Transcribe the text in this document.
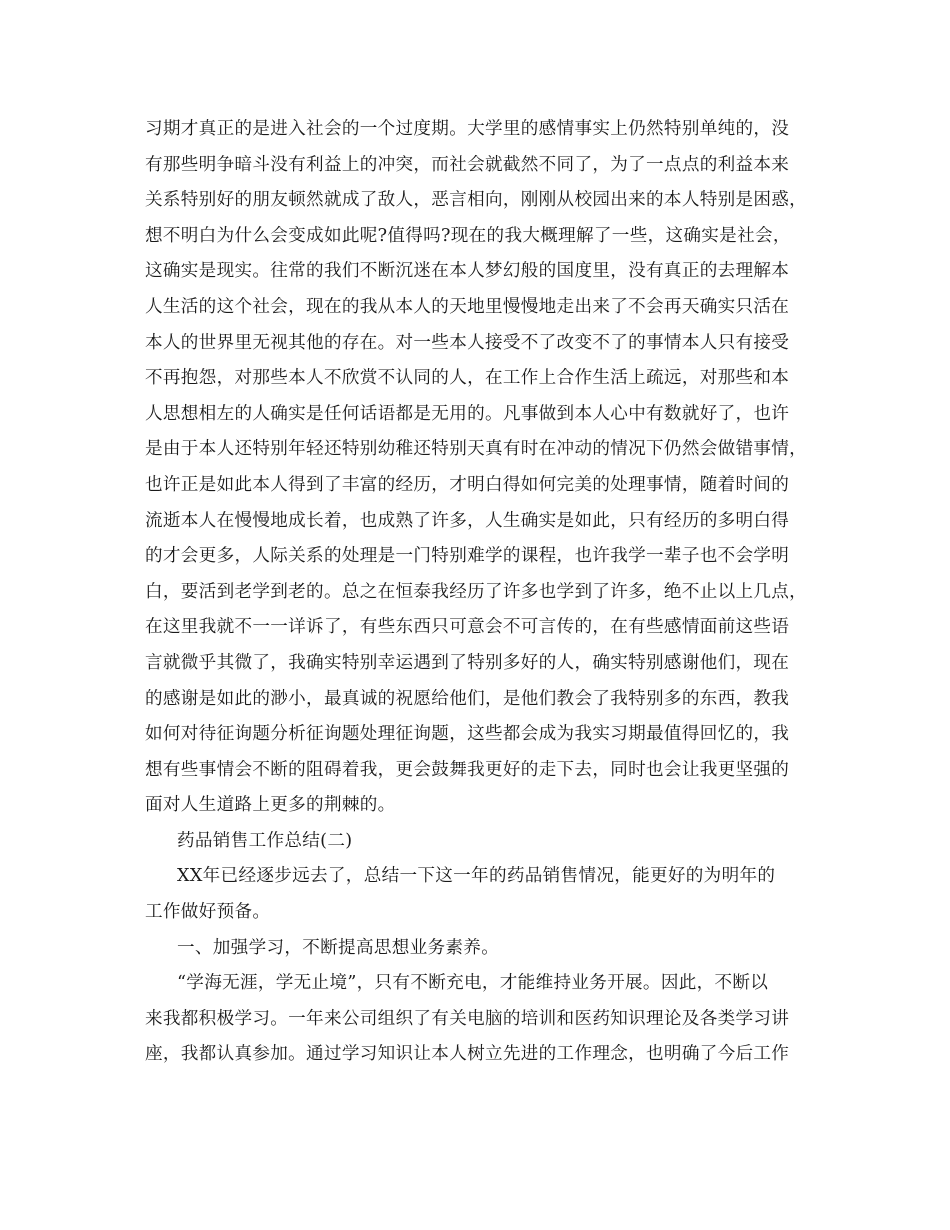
习期才真正的是进入社会的一个过度期。大学里的感情事实上仍然特别单纯的，没
有那些明争暗斗没有利益上的冲突，而社会就截然不同了，为了一点点的利益本来
关系特别好的朋友顿然就成了敌人，恶言相向，刚刚从校园出来的本人特别是困惑，
想不明白为什么会变成如此呢?值得吗?现在的我大概理解了一些，这确实是社会，
这确实是现实。往常的我们不断沉迷在本人梦幻般的国度里，没有真正的去理解本
人生活的这个社会，现在的我从本人的天地里慢慢地走出来了不会再天确实只活在
本人的世界里无视其他的存在。对一些本人接受不了改变不了的事情本人只有接受
不再抱怨，对那些本人不欣赏不认同的人，在工作上合作生活上疏远，对那些和本
人思想相左的人确实是任何话语都是无用的。凡事做到本人心中有数就好了，也许
是由于本人还特别年轻还特别幼稚还特别天真有时在冲动的情况下仍然会做错事情，
也许正是如此本人得到了丰富的经历，才明白得如何完美的处理事情，随着时间的
流逝本人在慢慢地成长着，也成熟了许多，人生确实是如此，只有经历的多明白得
的才会更多，人际关系的处理是一门特别难学的课程，也许我学一辈子也不会学明
白，要活到老学到老的。总之在恒泰我经历了许多也学到了许多，绝不止以上几点，
在这里我就不一一详诉了，有些东西只可意会不可言传的，在有些感情面前这些语
言就微乎其微了，我确实特别幸运遇到了特别多好的人，确实特别感谢他们，现在
的感谢是如此的渺小，最真诚的祝愿给他们，是他们教会了我特别多的东西，教我
如何对待征询题分析征询题处理征询题，这些都会成为我实习期最值得回忆的，我
想有些事情会不断的阻碍着我，更会鼓舞我更好的走下去，同时也会让我更坚强的
面对人生道路上更多的荆棘的。
药品销售工作总结(二)
XX年已经逐步远去了，总结一下这一年的药品销售情况，能更好的为明年的
工作做好预备。
一、加强学习，不断提高思想业务素养。
“学海无涯，学无止境”，只有不断充电，才能维持业务开展。因此，不断以
来我都积极学习。一年来公司组织了有关电脑的培训和医药知识理论及各类学习讲
座，我都认真参加。通过学习知识让本人树立先进的工作理念，也明确了今后工作
